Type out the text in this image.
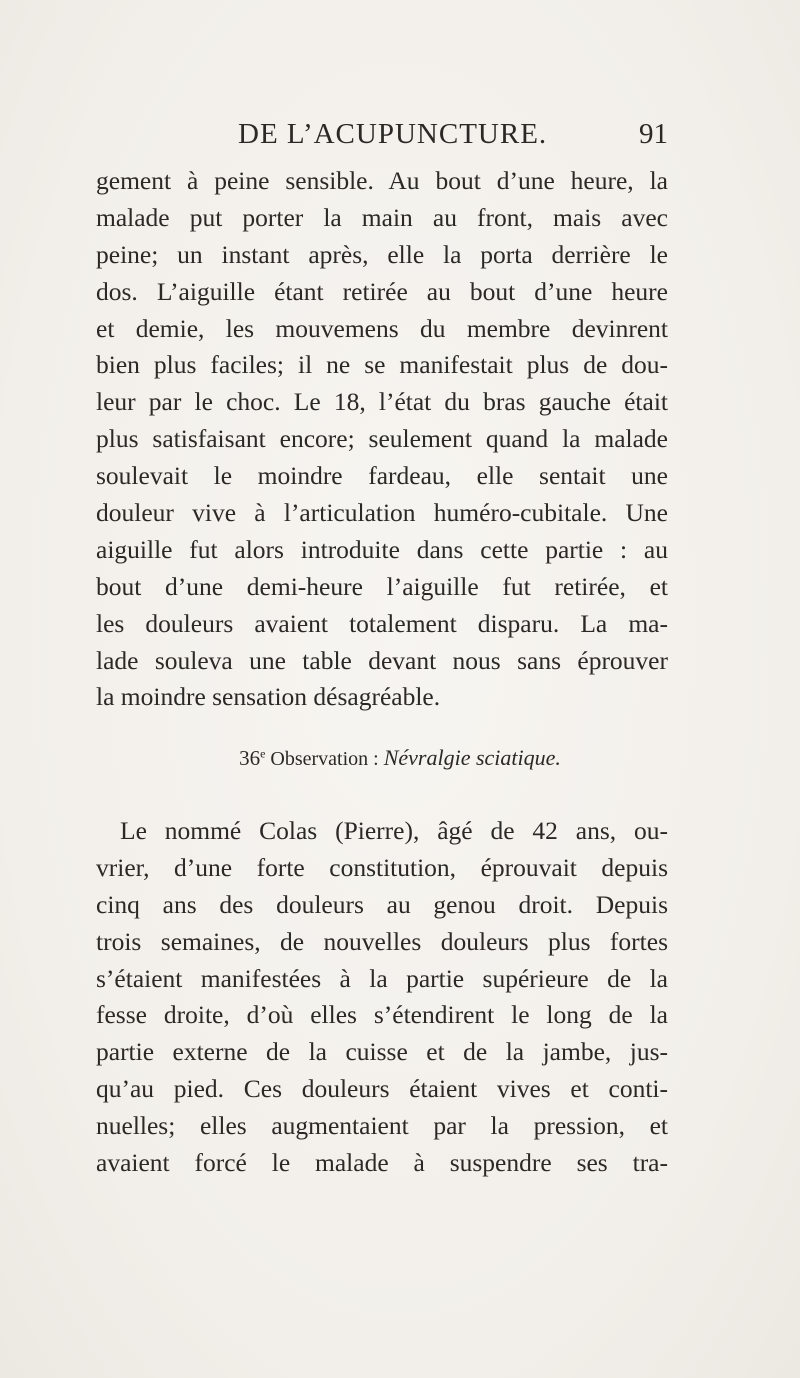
DE L’ACUPUNCTURE.	91
gement à peine sensible. Au bout d’une heure, la
malade put porter la main au front, mais avec
peine; un instant après, elle la porta derrière le
dos. L’aiguille étant retirée au bout d’une heure
et demie, les mouvemens du membre devinrent
bien plus faciles; il ne se manifestait plus de dou-
leur par le choc. Le 18, l’état du bras gauche était
plus satisfaisant encore; seulement quand la malade
soulevait le moindre fardeau, elle sentait une
douleur vive à l’articulation huméro-cubitale. Une
aiguille fut alors introduite dans cette partie : au
bout d’une demi-heure l’aiguille fut retirée, et
les douleurs avaient totalement disparu. La ma-
lade souleva une table devant nous sans éprouver
la moindre sensation désagréable.
36e Observation : Névralgie sciatique.
Le nommé Colas (Pierre), âgé de 42 ans, ou-
vrier, d’une forte constitution, éprouvait depuis
cinq ans des douleurs au genou droit. Depuis
trois semaines, de nouvelles douleurs plus fortes
s’étaient manifestées à la partie supérieure de la
fesse droite, d’où elles s’étendirent le long de la
partie externe de la cuisse et de la jambe, jus-
qu’au pied. Ces douleurs étaient vives et conti-
nuelles; elles augmentaient par la pression, et
avaient forcé le malade à suspendre ses tra-
